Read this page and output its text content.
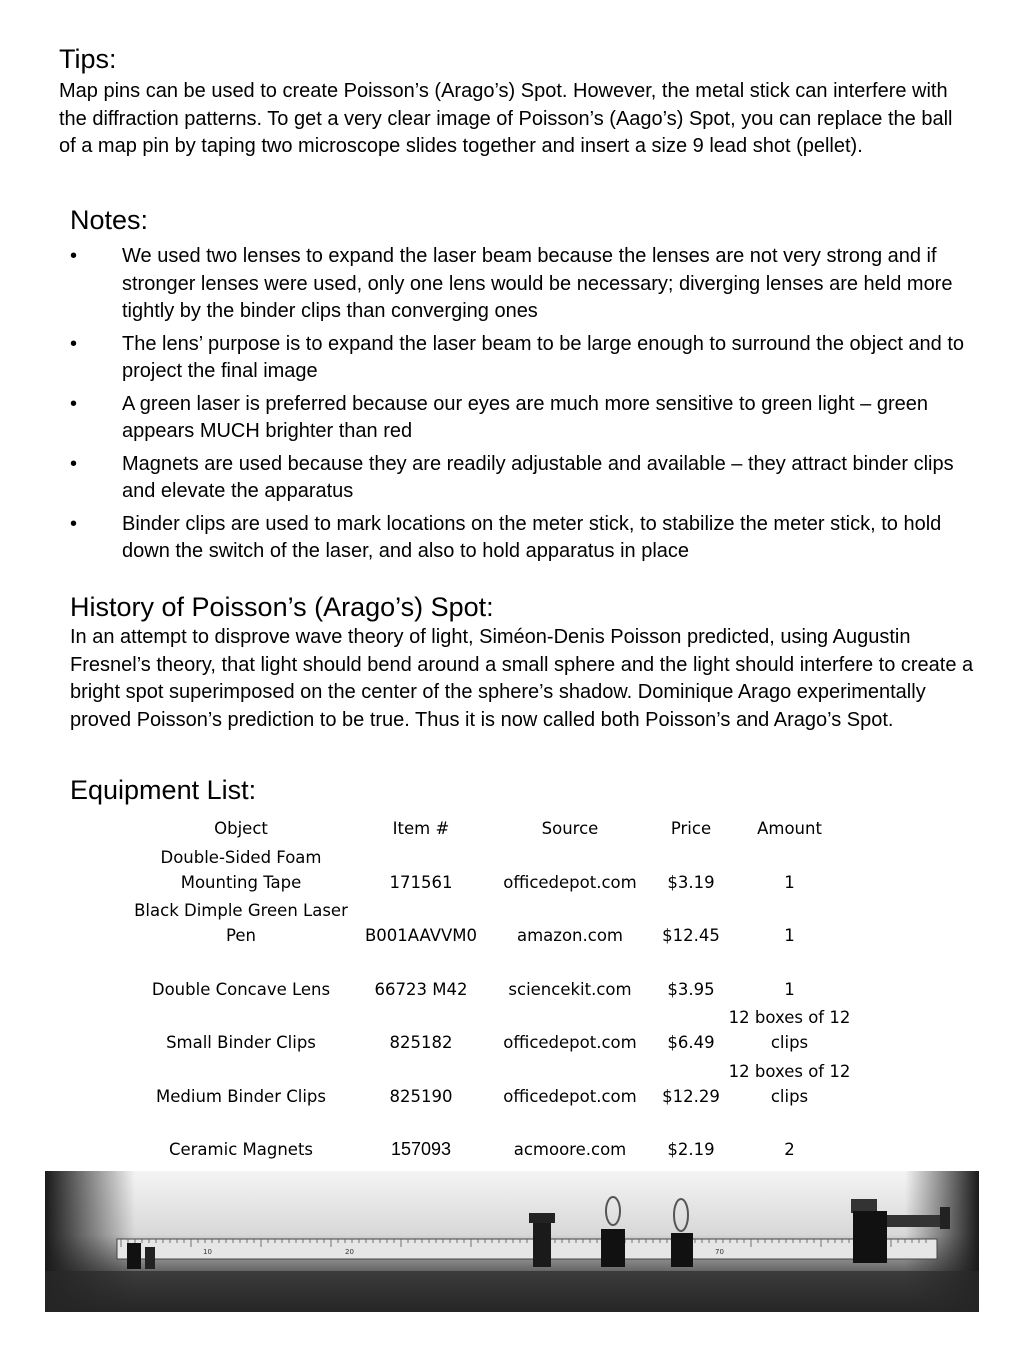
Tips:
Map pins can be used to create Poisson’s (Arago’s) Spot. However, the metal stick can interfere with the diffraction patterns. To get a very clear image of Poisson’s (Aago’s) Spot, you can replace the ball of a map pin by taping two microscope slides together and insert a size 9 lead shot (pellet).
Notes:
• We used two lenses to expand the laser beam because the lenses are not very strong and if stronger lenses were used, only one lens would be necessary; diverging lenses are held more tightly by the binder clips than converging ones
• The lens’ purpose is to expand the laser beam to be large enough to surround the object and to project the final image
• A green laser is preferred because our eyes are much more sensitive to green light – green appears MUCH brighter than red
• Magnets are used because they are readily adjustable and available – they attract binder clips and elevate the apparatus
• Binder clips are used to mark locations on the meter stick, to stabilize the meter stick, to hold down the switch of the laser, and also to hold apparatus in place
History of Poisson’s (Arago’s) Spot:
In an attempt to disprove wave theory of light, Siméon-Denis Poisson predicted, using Augustin Fresnel’s theory, that light should bend around a small sphere and the light should interfere to create a bright spot superimposed on the center of the sphere’s shadow. Dominique Arago experimentally proved Poisson’s prediction to be true. Thus it is now called both Poisson’s and Arago’s Spot.
Equipment List:
Object	Item #	Source	Price	Amount
Double-Sided Foam Mounting Tape	171561	officedepot.com	$3.19	1
Black Dimple Green Laser Pen	B001AAVVM0	amazon.com	$12.45	1
Double Concave Lens	66723 M42	sciencekit.com	$3.95	1
Small Binder Clips	825182	officedepot.com	$6.49	12 boxes of 12 clips
Medium Binder Clips	825190	officedepot.com	$12.29	12 boxes of 12 clips
Ceramic Magnets	157093	acmoore.com	$2.19	2
10	20	70
